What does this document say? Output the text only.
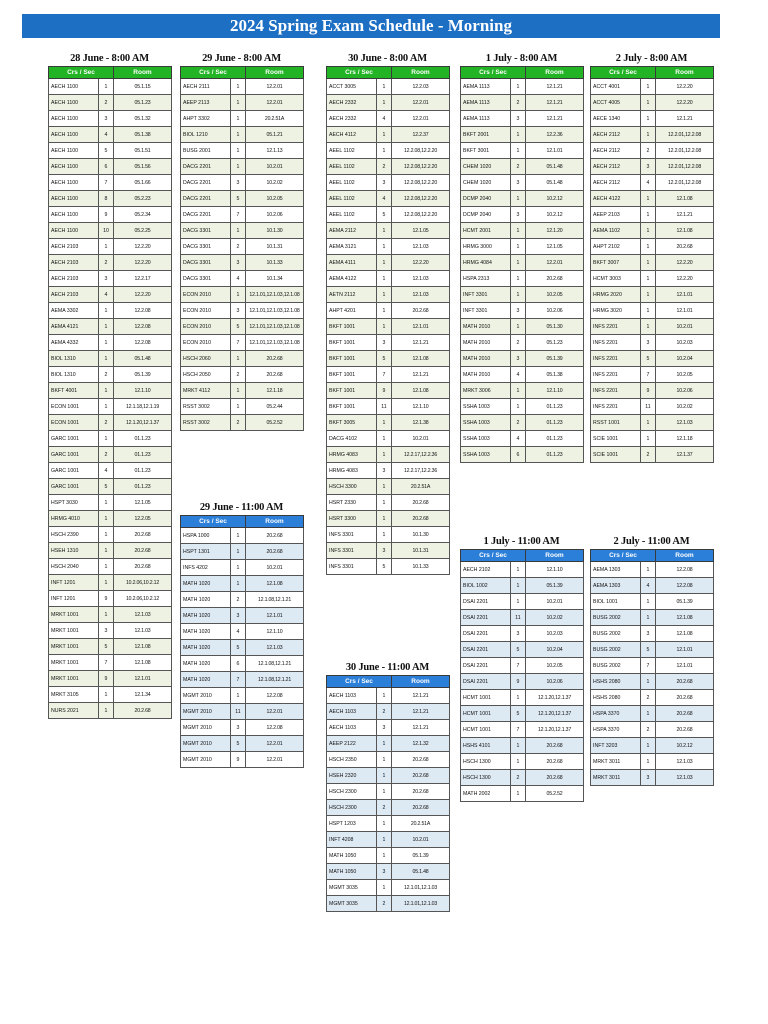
2024 Spring Exam Schedule - Morning
28 June - 8:00 AM
Crs / Sec		Room
AECH 1100	1	05.1.15
AECH 1100	2	05.1.23
AECH 1100	3	05.1.32
AECH 1100	4	05.1.38
AECH 1100	5	05.1.51
AECH 1100	6	05.1.56
AECH 1100	7	05.1.66
AECH 1100	8	05.2.23
AECH 1100	9	05.2.34
AECH 1100	10	05.2.25
AECH 2103	1	12.2.20
AECH 2103	2	12.2.20
AECH 2103	3	12.2.17
AECH 2103	4	12.2.20
AEMA 3302	1	12.2.08
AEMA 4121	1	12.2.08
AEMA 4332	1	12.2.08
BIOL 1310	1	05.1.48
BIOL 1310	2	05.1.39
BKFT 4001	1	12.1.10
ECON 1001	1	12.1.18,12.1.19
ECON 1001	2	12.1.20,12.1.37
GARC 1001	1	01.1.23
GARC 1001	2	01.1.23
GARC 1001	4	01.1.23
GARC 1001	5	01.1.23
HSPT 3030	1	12.1.05
HRMG 4010	1	12.2.05
HSCH 2390	1	20.2.68
HSEH 1310	1	20.2.68
HSCH 2040	1	20.2.68
INFT 1201	1	10.2.06,10.2.12
INFT 1201	9	10.2.06,10.2.12
MRKT 1001	1	12.1.03
MRKT 1001	3	12.1.03
MRKT 1001	5	12.1.08
MRKT 1001	7	12.1.08
MRKT 1001	9	12.1.01
MRKT 3105	1	12.1.34
NURS 2021	1	20.2.68
29 June - 8:00 AM
Crs / Sec		Room
AECH 2111	1	12.2.01
AEEP 2113	1	12.2.01
AHPT 3302	1	20.2.51A
BIOL 1210	1	05.1.21
BUSG 2001	1	12.1.13
DACG 2201	1	10.2.01
DACG 2201	3	10.2.02
DACG 2201	5	10.2.05
DACG 2201	7	10.2.06
DACG 3301	1	10.1.30
DACG 3301	2	10.1.31
DACG 3301	3	10.1.33
DACG 3301	4	10.1.34
ECON 2010	1	12.1.01,12.1.03,12.1.08
ECON 2010	3	12.1.01,12.1.03,12.1.08
ECON 2010	5	12.1.01,12.1.03,12.1.08
ECON 2010	7	12.1.01,12.1.03,12.1.08
HSCH 2060	1	20.2.68
HSCH 2050	2	20.2.68
MRKT 4112	1	12.1.18
RSST 3002	1	05.2.44
RSST 3002	2	05.2.52
29 June - 11:00 AM
Crs / Sec		Room
HSPA 1000	1	20.2.68
HSPT 1301	1	20.2.68
INFS 4202	1	10.2.01
MATH 1020	1	12.1.08
MATH 1020	2	12.1.08,12.1.21
MATH 1020	3	12.1.01
MATH 1020	4	12.1.10
MATH 1020	5	12.1.03
MATH 1020	6	12.1.08,12.1.21
MATH 1020	7	12.1.08,12.1.21
MGMT 2010	1	12.2.08
MGMT 2010	11	12.2.01
MGMT 2010	3	12.2.08
MGMT 2010	5	12.2.01
MGMT 2010	9	12.2.01
30 June - 8:00 AM
Crs / Sec		Room
ACCT 3005	1	12.2.03
AECH 2332	1	12.2.01
AECH 2332	4	12.2.01
AECH 4112	1	12.2.37
AEEL 1102	1	12.2.08,12.2.20
AEEL 1102	2	12.2.08,12.2.20
AEEL 1102	3	12.2.08,12.2.20
AEEL 1102	4	12.2.08,12.2.20
AEEL 1102	5	12.2.08,12.2.20
AEMA 2112	1	12.1.05
AEMA 3121	1	12.1.03
AEMA 4111	1	12.2.20
AEMA 4122	1	12.1.03
AETN 2112	1	12.1.03
AHPT 4201	1	20.2.68
BKFT 1001	1	12.1.01
BKFT 1001	3	12.1.21
BKFT 1001	5	12.1.08
BKFT 1001	7	12.1.21
BKFT 1001	9	12.1.08
BKFT 1001	11	12.1.10
BKFT 3005	1	12.1.38
DACG 4102	1	10.2.01
HRMG 4083	1	12.2.17,12.2.36
HRMG 4083	3	12.2.17,12.2.36
HSCH 3300	1	20.2.51A
HSRT 2330	1	20.2.68
HSRT 3300	1	20.2.68
INFS 3301	1	10.1.30
INFS 3301	3	10.1.31
INFS 3301	5	10.1.33
30 June - 11:00 AM
Crs / Sec		Room
AECH 1103	1	12.1.21
AECH 1103	2	12.1.21
AECH 1103	3	12.1.21
AEEP 2122	1	12.1.32
HSCH 2350	1	20.2.68
HSEH 2320	1	20.2.68
HSCH 2300	1	20.2.68
HSCH 2300	2	20.2.68
HSPT 1203	1	20.2.51A
INFT 4208	1	10.2.01
MATH 1050	1	05.1.39
MATH 1050	3	05.1.48
MGMT 3035	1	12.1.01,12.1.03
MGMT 3035	2	12.1.01,12.1.03
1 July - 8:00 AM
Crs / Sec		Room
AEMA 1113	1	12.1.21
AEMA 1113	2	12.1.21
AEMA 1113	3	12.1.21
BKFT 2001	1	12.2.36
BKFT 3001	1	12.1.01
CHEM 1020	2	05.1.48
CHEM 1020	3	05.1.48
DCMP 2040	1	10.2.12
DCMP 2040	3	10.2.12
HCMT 2001	1	12.1.20
HRMG 3000	1	12.1.05
HRMG 4084	1	12.2.01
HSPA 2313	1	20.2.68
INFT 3301	1	10.2.05
INFT 3301	3	10.2.06
MATH 2010	1	05.1.30
MATH 2010	2	05.1.23
MATH 2010	3	05.1.39
MATH 2010	4	05.1.38
MRKT 3006	1	12.1.10
SSHA 1003	1	01.1.23
SSHA 1003	2	01.1.23
SSHA 1003	4	01.1.23
SSHA 1003	6	01.1.23
1 July - 11:00 AM
Crs / Sec		Room
AECH 2102	1	12.1.10
BIOL 1002	1	05.1.39
DSAI 2201	1	10.2.01
DSAI 2201	11	10.2.02
DSAI 2201	3	10.2.03
DSAI 2201	5	10.2.04
DSAI 2201	7	10.2.05
DSAI 2201	9	10.2.06
HCMT 1001	1	12.1.20,12.1.37
HCMT 1001	5	12.1.20,12.1.37
HCMT 1001	7	12.1.20,12.1.37
HSHS 4101	1	20.2.68
HSCH 1300	1	20.2.68
HSCH 1300	2	20.2.68
MATH 2002	1	05.2.52
2 July - 8:00 AM
Crs / Sec		Room
ACCT 4001	1	12.2.20
ACCT 4005	1	12.2.20
AECE 1340	1	12.1.21
AECH 2112	1	12.2.01,12.2.08
AECH 2112	2	12.2.01,12.2.08
AECH 2112	3	12.2.01,12.2.08
AECH 2112	4	12.2.01,12.2.08
AECH 4122	1	12.1.08
AEEP 2103	1	12.1.21
AEMA 1102	1	12.1.08
AHPT 2102	1	20.2.68
BKFT 3007	1	12.2.20
HCMT 3003	1	12.2.20
HRMG 2020	1	12.1.01
HRMG 3020	1	12.1.01
INFS 2201	1	10.2.01
INFS 2201	3	10.2.03
INFS 2201	5	10.2.04
INFS 2201	7	10.2.05
INFS 2201	9	10.2.06
INFS 2201	11	10.2.02
RSST 1001	1	12.1.03
SCIE 1001	1	12.1.18
SCIE 1001	2	12.1.37
2 July - 11:00 AM
Crs / Sec		Room
AEMA 1303	1	12.2.08
AEMA 1303	4	12.2.08
BIOL 1001	1	05.1.39
BUSG 2002	1	12.1.08
BUSG 2002	3	12.1.08
BUSG 2002	5	12.1.01
BUSG 2002	7	12.1.01
HSHS 2080	1	20.2.68
HSHS 2080	2	20.2.68
HSPA 3370	1	20.2.68
HSPA 3370	2	20.2.68
INFT 3203	1	10.2.12
MRKT 3011	1	12.1.03
MRKT 3011	3	12.1.03
